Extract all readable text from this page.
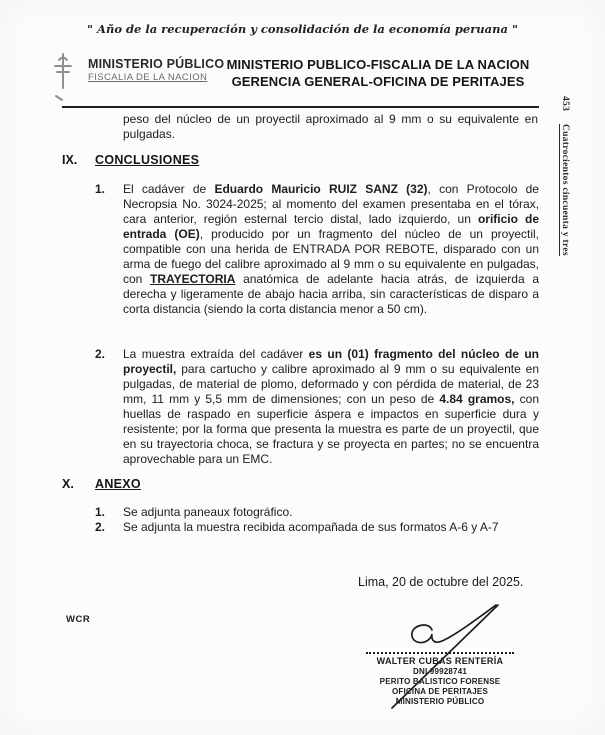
" Año de la recuperación y consolidación de la economía peruana "
MINISTERIO PÚBLICO
FISCALIA DE LA NACION
MINISTERIO PUBLICO-FISCALIA DE LA NACION
GERENCIA GENERAL-OFICINA DE PERITAJES
453 Cuatrocientos cincuenta y tres
peso del núcleo de un proyectil aproximado al 9 mm o su equivalente en pulgadas.
IX. CONCLUSIONES
1. El cadáver de Eduardo Mauricio RUIZ SANZ (32), con Protocolo de Necropsia No. 3024-2025; al momento del examen presentaba en el tórax, cara anterior, región esternal tercio distal, lado izquierdo, un orificio de entrada (OE), producido por un fragmento del núcleo de un proyectil, compatible con una herida de ENTRADA POR REBOTE, disparado con un arma de fuego del calibre aproximado al 9 mm o su equivalente en pulgadas, con TRAYECTORIA anatómica de adelante hacia atrás, de izquierda a derecha y ligeramente de abajo hacia arriba, sin características de disparo a corta distancia (siendo la corta distancia menor a 50 cm).
2. La muestra extraída del cadáver es un (01) fragmento del núcleo de un proyectil, para cartucho y calibre aproximado al 9 mm o su equivalente en pulgadas, de material de plomo, deformado y con pérdida de material, de 23 mm, 11 mm y 5,5 mm de dimensiones; con un peso de 4.84 gramos, con huellas de raspado en superficie áspera e impactos en superficie dura y resistente; por la forma que presenta la muestra es parte de un proyectil, que en su trayectoria choca, se fractura y se proyecta en partes; no se encuentra aprovechable para un EMC.
X. ANEXO
1. Se adjunta paneaux fotográfico.
2. Se adjunta la muestra recibida acompañada de sus formatos A-6 y A-7
Lima, 20 de octubre del 2025.
WCR
WALTER CUBAS RENTERÍA
DNI 99928741
PERITO BALISTICO FORENSE
OFICINA DE PERITAJES
MINISTERIO PÚBLICO
